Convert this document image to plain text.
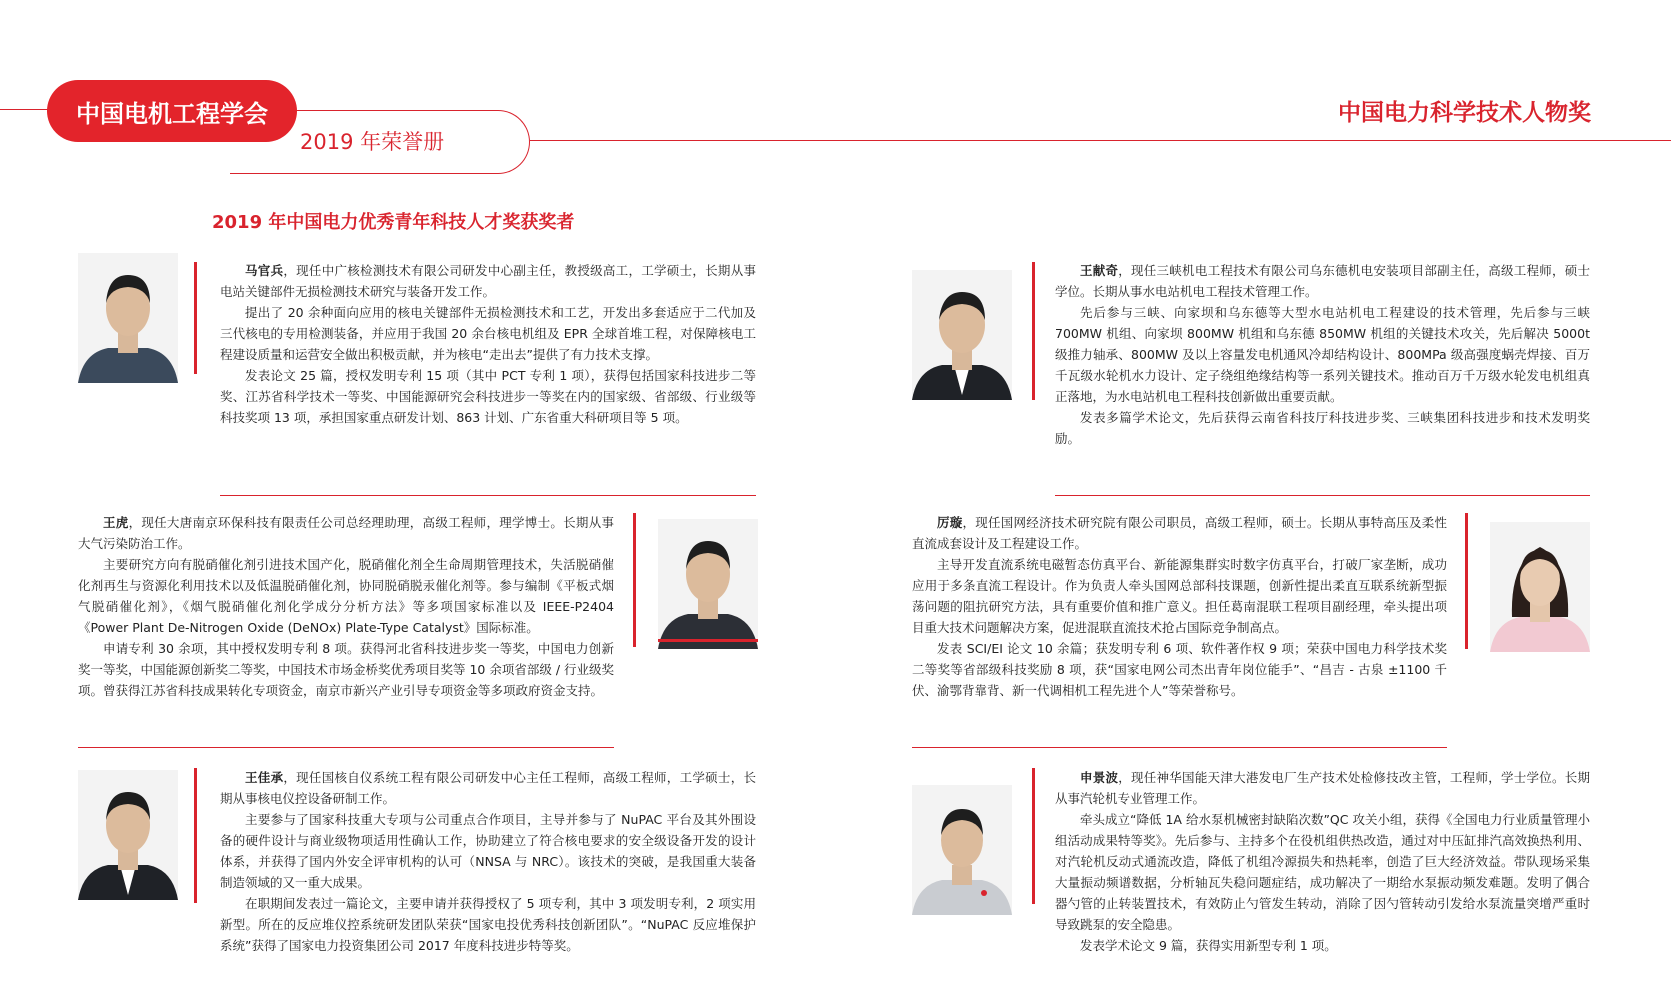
中国电机工程学会
2019 年荣誉册
中国电力科学技术人物奖
2019 年中国电力优秀青年科技人才奖获奖者

马官兵，现任中广核检测技术有限公司研发中心副主任，教授级高工，工学硕士，长期从事电站关键部件无损检测技术研究与装备开发工作。

提出了 20 余种面向应用的核电关键部件无损检测技术和工艺，开发出多套适应于二代加及三代核电的专用检测装备，并应用于我国 20 余台核电机组及 EPR 全球首堆工程，对保障核电工程建设质量和运营安全做出积极贡献，并为核电“走出去”提供了有力技术支撑。

发表论文 25 篇，授权发明专利 15 项（其中 PCT 专利 1 项），获得包括国家科技进步二等奖、江苏省科学技术一等奖、中国能源研究会科技进步一等奖在内的国家级、省部级、行业级等科技奖项 13 项，承担国家重点研发计划、863 计划、广东省重大科研项目等 5 项。

王虎，现任大唐南京环保科技有限责任公司总经理助理，高级工程师，理学博士。长期从事大气污染防治工作。

主要研究方向有脱硝催化剂引进技术国产化，脱硝催化剂全生命周期管理技术，失活脱硝催化剂再生与资源化利用技术以及低温脱硝催化剂，协同脱硝脱汞催化剂等。参与编制《平板式烟气脱硝催化剂》，《烟气脱硝催化剂化学成分分析方法》等多项国家标准以及 IEEE-P2404《Power Plant De-Nitrogen Oxide (DeNOx) Plate-Type Catalyst》国际标准。

申请专利 30 余项，其中授权发明专利 8 项。获得河北省科技进步奖一等奖，中国电力创新奖一等奖，中国能源创新奖二等奖，中国技术市场金桥奖优秀项目奖等 10 余项省部级 / 行业级奖项。曾获得江苏省科技成果转化专项资金，南京市新兴产业引导专项资金等多项政府资金支持。

王佳承，现任国核自仪系统工程有限公司研发中心主任工程师，高级工程师，工学硕士，长期从事核电仪控设备研制工作。

主要参与了国家科技重大专项与公司重点合作项目，主导并参与了 NuPAC 平台及其外围设备的硬件设计与商业级物项适用性确认工作，协助建立了符合核电要求的安全级设备开发的设计体系，并获得了国内外安全评审机构的认可（NNSA 与 NRC）。该技术的突破，是我国重大装备制造领域的又一重大成果。

在职期间发表过一篇论文，主要申请并获得授权了 5 项专利，其中 3 项发明专利，2 项实用新型。所在的反应堆仪控系统研发团队荣获“国家电投优秀科技创新团队”。“NuPAC 反应堆保护系统”获得了国家电力投资集团公司 2017 年度科技进步特等奖。

王献奇，现任三峡机电工程技术有限公司乌东德机电安装项目部副主任，高级工程师，硕士学位。长期从事水电站机电工程技术管理工作。

先后参与三峡、向家坝和乌东德等大型水电站机电工程建设的技术管理，先后参与三峡 700MW 机组、向家坝 800MW 机组和乌东德 850MW 机组的关键技术攻关，先后解决 5000t 级推力轴承、800MW 及以上容量发电机通风冷却结构设计、800MPa 级高强度蜗壳焊接、百万千瓦级水轮机水力设计、定子绕组绝缘结构等一系列关键技术。推动百万千万级水轮发电机组真正落地，为水电站机电工程科技创新做出重要贡献。

发表多篇学术论文，先后获得云南省科技厅科技进步奖、三峡集团科技进步和技术发明奖励。

厉璇，现任国网经济技术研究院有限公司职员，高级工程师，硕士。长期从事特高压及柔性直流成套设计及工程建设工作。

主导开发直流系统电磁暂态仿真平台、新能源集群实时数字仿真平台，打破厂家垄断，成功应用于多条直流工程设计。作为负责人牵头国网总部科技课题，创新性提出柔直互联系统新型振荡问题的阻抗研究方法，具有重要价值和推广意义。担任葛南混联工程项目副经理，牵头提出项目重大技术问题解决方案，促进混联直流技术抢占国际竞争制高点。

发表 SCI/EI 论文 10 余篇；获发明专利 6 项、软件著作权 9 项；荣获中国电力科学技术奖二等奖等省部级科技奖励 8 项，获“国家电网公司杰出青年岗位能手”、“昌吉 - 古泉 ±1100 千伏、渝鄂背靠背、新一代调相机工程先进个人”等荣誉称号。

申景波，现任神华国能天津大港发电厂生产技术处检修技改主管，工程师，学士学位。长期从事汽轮机专业管理工作。

牵头成立“降低 1A 给水泵机械密封缺陷次数”QC 攻关小组，获得《全国电力行业质量管理小组活动成果特等奖》。先后参与、主持多个在役机组供热改造，通过对中压缸排汽高效换热利用、对汽轮机反动式通流改造，降低了机组冷源损失和热耗率，创造了巨大经济效益。带队现场采集大量振动频谱数据，分析轴瓦失稳问题症结，成功解决了一期给水泵振动频发难题。发明了偶合器勺管的止转装置技术，有效防止勺管发生转动，消除了因勺管转动引发给水泵流量突增严重时导致跳泵的安全隐患。

发表学术论文 9 篇，获得实用新型专利 1 项。
